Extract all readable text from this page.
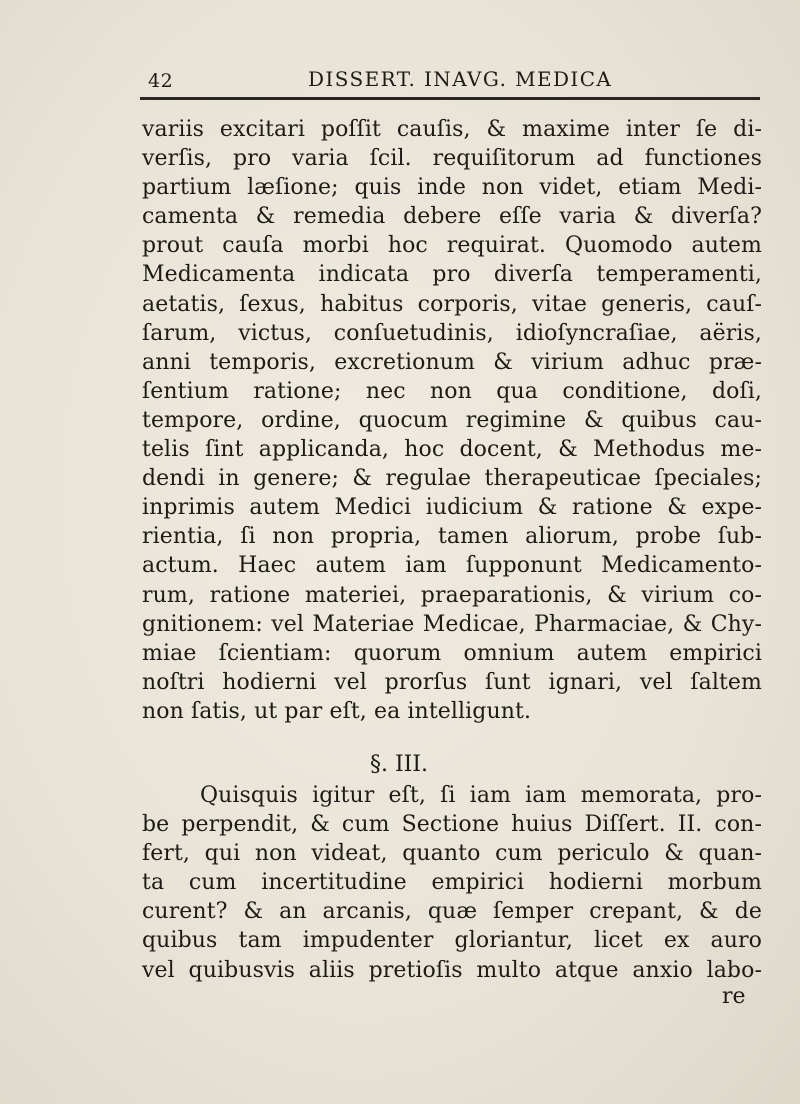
42	DISSERT. INAVG. MEDICA
variis excitari poſſit cauſis, & maxime inter ſe di-
verſis, pro varia ſcil. requiſitorum ad functiones
partium læſione; quis inde non videt, etiam Medi-
camenta & remedia debere eſſe varia & diverſa?
prout cauſa morbi hoc requirat. Quomodo autem
Medicamenta indicata pro diverſa temperamenti,
aetatis, ſexus, habitus corporis, vitae generis, cauſ-
ſarum, victus, conſuetudinis, idioſyncraſiae, aëris,
anni temporis, excretionum & virium adhuc præ-
ſentium ratione; nec non qua conditione, doſi,
tempore, ordine, quocum regimine & quibus cau-
telis ſint applicanda, hoc docent, & Methodus me-
dendi in genere; & regulae therapeuticae ſpeciales;
inprimis autem Medici iudicium & ratione & expe-
rientia, ſi non propria, tamen aliorum, probe ſub-
actum. Haec autem iam ſupponunt Medicamento-
rum, ratione materiei, praeparationis, & virium co-
gnitionem: vel Materiae Medicae, Pharmaciae, & Chy-
miae ſcientiam: quorum omnium autem empirici
noſtri hodierni vel prorſus ſunt ignari, vel ſaltem
non ſatis, ut par eſt, ea intelligunt.
§. III.
Quisquis igitur eſt, ſi iam iam memorata, pro-
be perpendit, & cum Sectione huius Diſſert. II. con-
fert, qui non videat, quanto cum periculo & quan-
ta cum incertitudine empirici hodierni morbum
curent? & an arcanis, quæ ſemper crepant, & de
quibus tam impudenter gloriantur, licet ex auro
vel quibusvis aliis pretioſis multo atque anxio labo-
re
